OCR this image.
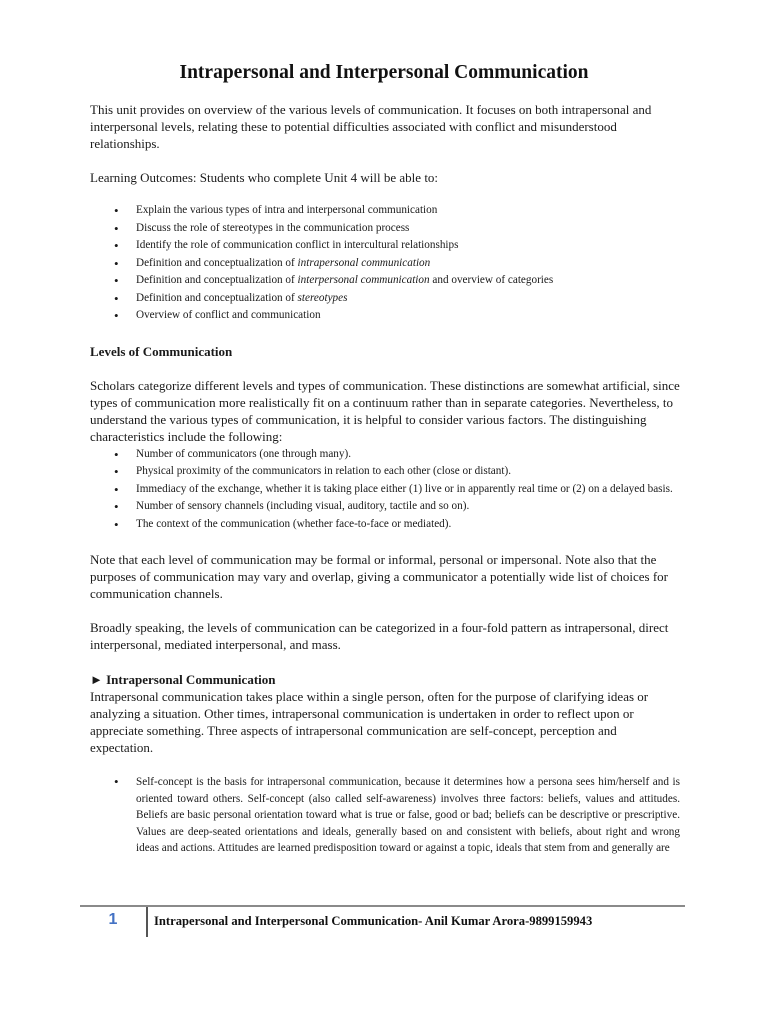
Intrapersonal and Interpersonal Communication

This unit provides on overview of the various levels of communication. It focuses on both intrapersonal and interpersonal levels, relating these to potential difficulties associated with conflict and misunderstood relationships.

Learning Outcomes: Students who complete Unit 4 will be able to:

• Explain the various types of intra and interpersonal communication
• Discuss the role of stereotypes in the communication process
• Identify the role of communication conflict in intercultural relationships
• Definition and conceptualization of intrapersonal communication
• Definition and conceptualization of interpersonal communication and overview of categories
• Definition and conceptualization of stereotypes
• Overview of conflict and communication

Levels of Communication

Scholars categorize different levels and types of communication. These distinctions are somewhat artificial, since types of communication more realistically fit on a continuum rather than in separate categories. Nevertheless, to understand the various types of communication, it is helpful to consider various factors. The distinguishing characteristics include the following:

• Number of communicators (one through many).
• Physical proximity of the communicators in relation to each other (close or distant).
• Immediacy of the exchange, whether it is taking place either (1) live or in apparently real time or (2) on a delayed basis.
• Number of sensory channels (including visual, auditory, tactile and so on).
• The context of the communication (whether face-to-face or mediated).

Note that each level of communication may be formal or informal, personal or impersonal. Note also that the purposes of communication may vary and overlap, giving a communicator a potentially wide list of choices for communication channels.

Broadly speaking, the levels of communication can be categorized in a four-fold pattern as intrapersonal, direct interpersonal, mediated interpersonal, and mass.

► Intrapersonal Communication

Intrapersonal communication takes place within a single person, often for the purpose of clarifying ideas or analyzing a situation. Other times, intrapersonal communication is undertaken in order to reflect upon or appreciate something. Three aspects of intrapersonal communication are self-concept, perception and expectation.

• Self-concept is the basis for intrapersonal communication, because it determines how a persona sees him/herself and is oriented toward others. Self-concept (also called self-awareness) involves three factors: beliefs, values and attitudes. Beliefs are basic personal orientation toward what is true or false, good or bad; beliefs can be descriptive or prescriptive. Values are deep-seated orientations and ideals, generally based on and consistent with beliefs, about right and wrong ideas and actions. Attitudes are learned predisposition toward or against a topic, ideals that stem from and generally are
1	Intrapersonal and Interpersonal Communication- Anil Kumar Arora-9899159943
